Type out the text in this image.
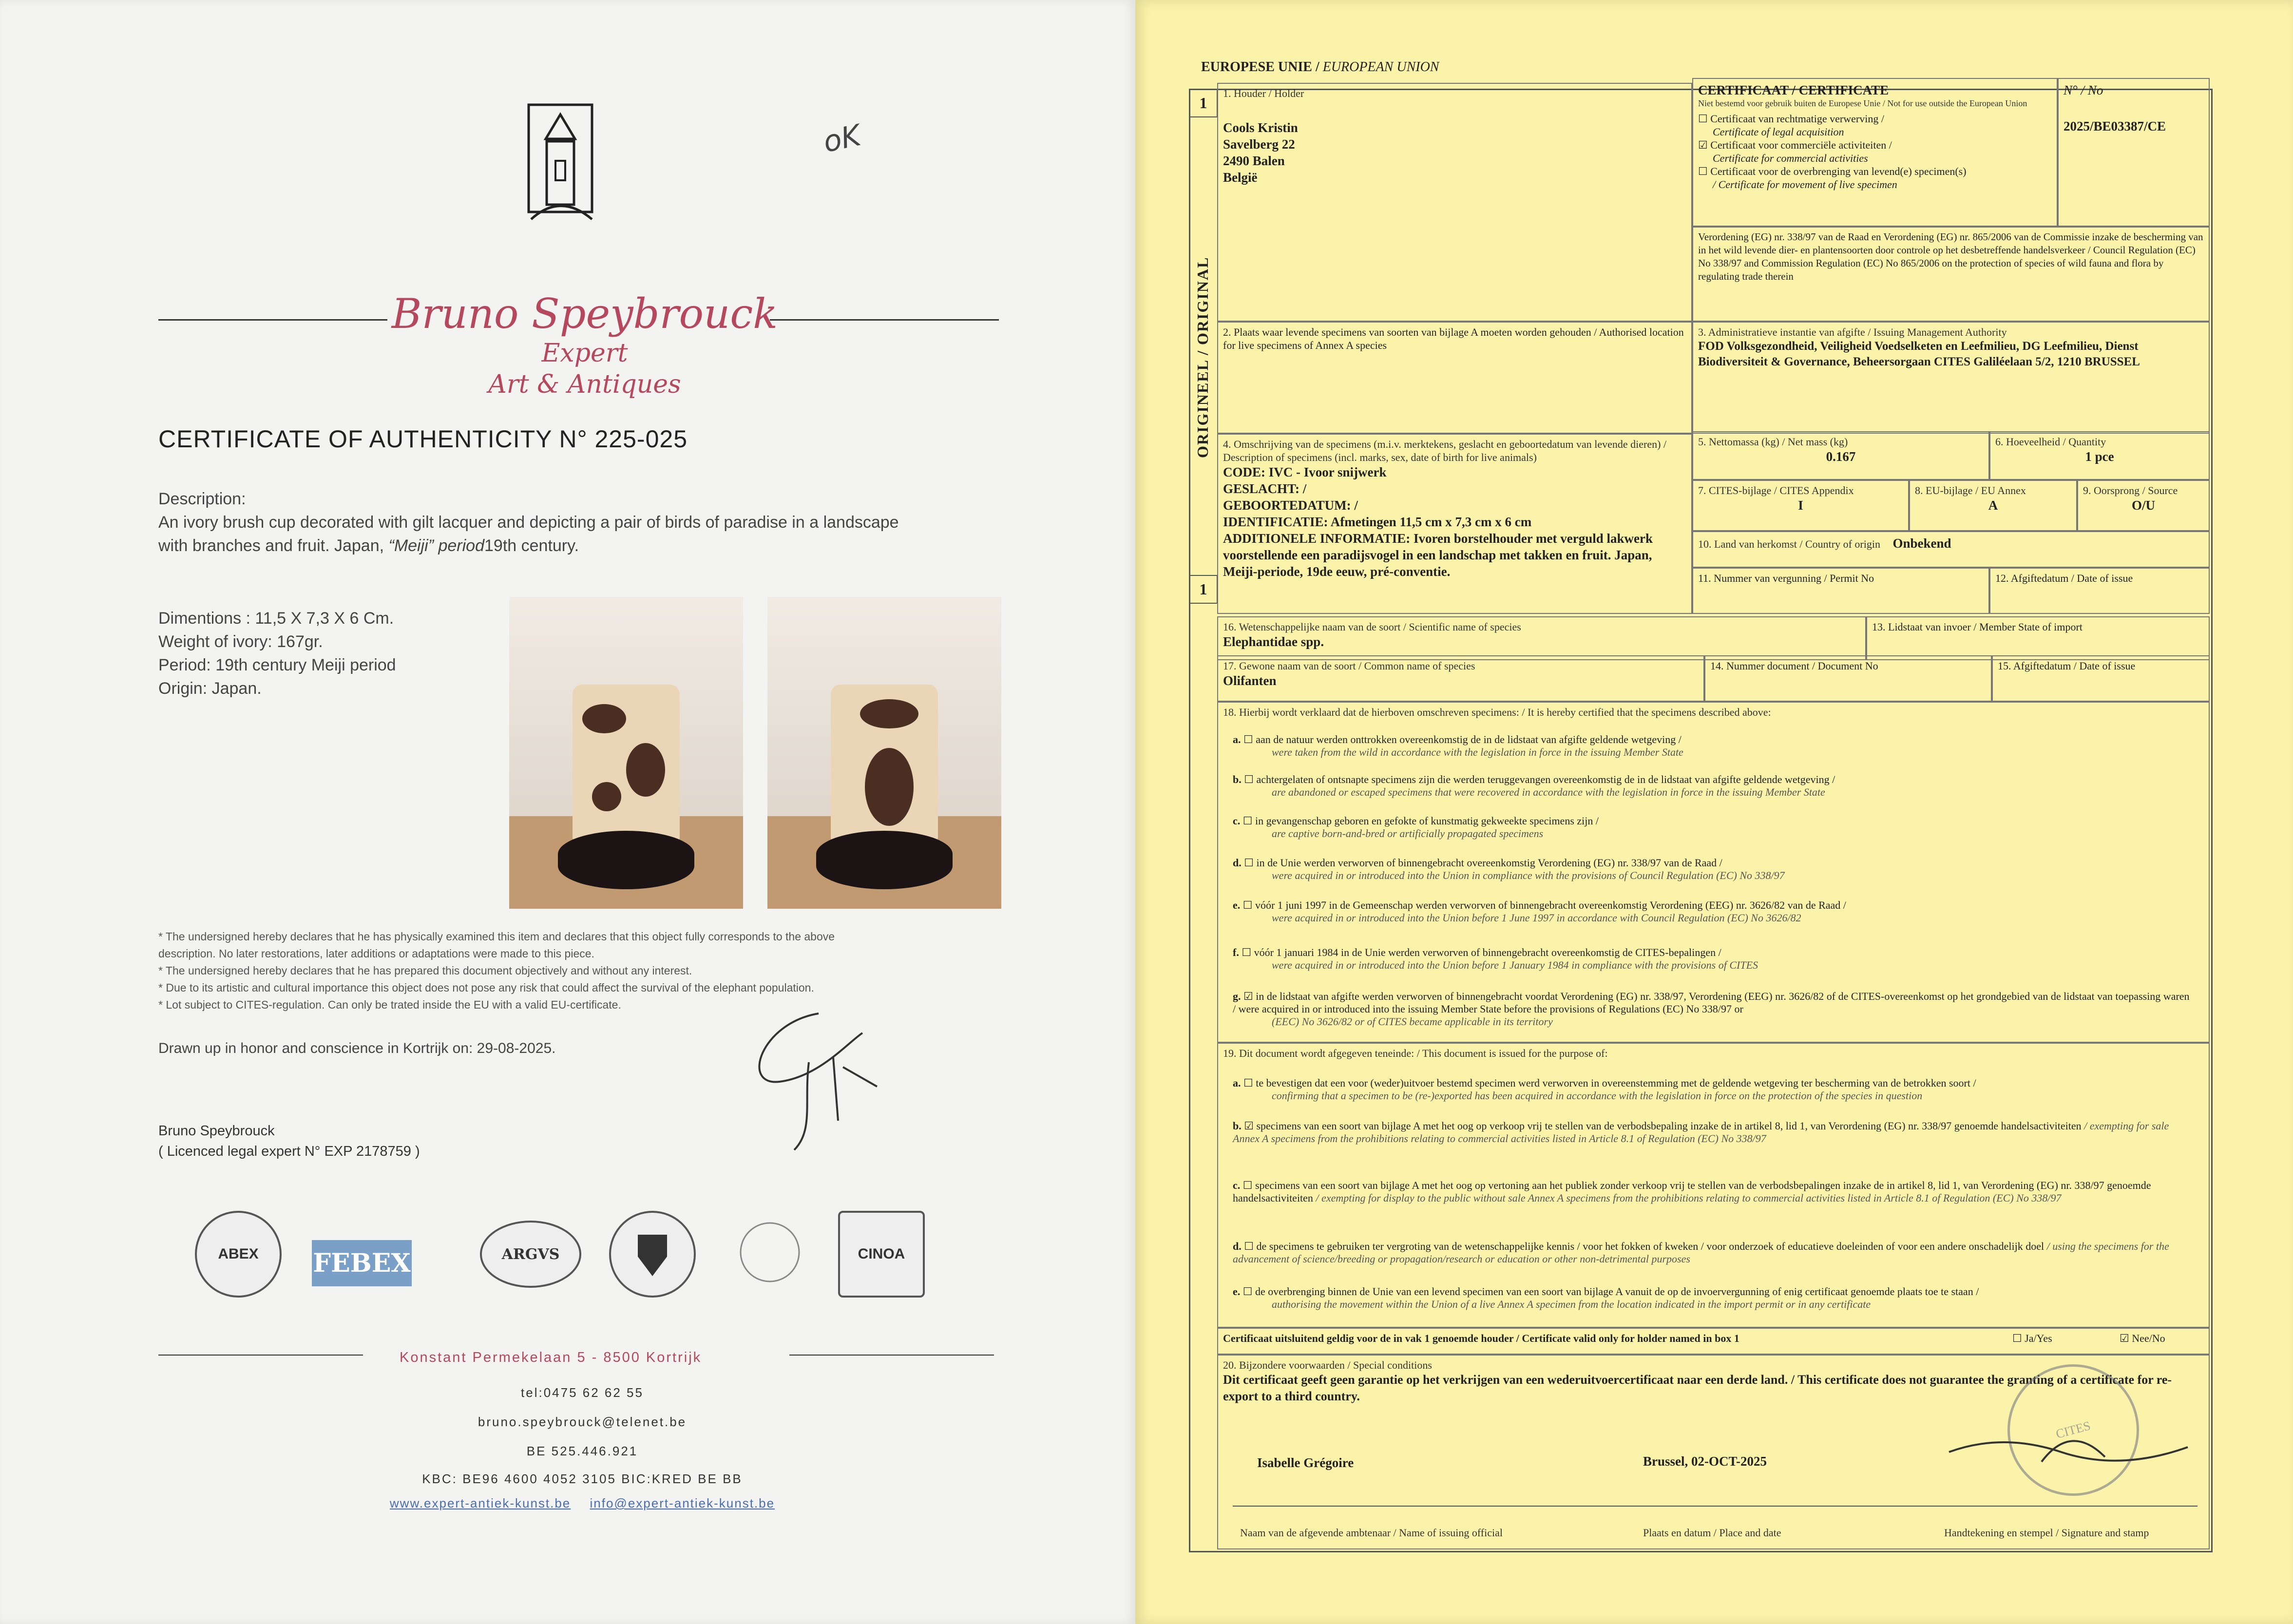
oK
Bruno Speybrouck
Expert
Art & Antiques
CERTIFICATE OF AUTHENTICITY N° 225-025
Description:
An ivory brush cup decorated with gilt lacquer and depicting a pair of birds of paradise in a landscape
with branches and fruit. Japan, “Meiji” period19th century.
Dimentions : 11,5 X 7,3 X 6 Cm.
Weight of ivory: 167gr.
Period: 19th century Meiji period
Origin: Japan.
* The undersigned hereby declares that he has physically examined this item and declares that this object fully corresponds to the above
description. No later restorations, later additions or adaptations were made to this piece.
* The undersigned hereby declares that he has prepared this document objectively and without any interest.
* Due to its artistic and cultural importance this object does not pose any risk that could affect the survival of the elephant population.
* Lot subject to CITES-regulation. Can only be trated inside the EU with a valid EU-certificate.
Drawn up in honor and conscience in Kortrijk on: 29-08-2025.
Bruno Speybrouck
( Licenced legal expert N° EXP 2178759 )
ABEX	FEBEX	ARGVS	CINOA
Konstant Permekelaan 5 - 8500 Kortrijk
tel:0475 62 62 55
bruno.speybrouck@telenet.be
BE 525.446.921
KBC: BE96 4600 4052 3105 BIC:KRED BE BB
www.expert-antiek-kunst.be info@expert-antiek-kunst.be
EUROPESE UNIE / EUROPEAN UNION
1
1
ORIGINEEL / ORIGINAL
1. Houder / Holder
Cools Kristin
Savelberg 22
2490 Balen
België
CERTIFICAAT / CERTIFICATE
Niet bestemd voor gebruik buiten de Europese Unie / Not for use outside the European Union
☐ Certificaat van rechtmatige verwerving /
Certificate of legal acquisition
☑ Certificaat voor commerciële activiteiten /
Certificate for commercial activities
☐ Certificaat voor de overbrenging van levend(e) specimen(s)
/ Certificate for movement of live specimen
N° / No
2025/BE03387/CE
Verordening (EG) nr. 338/97 van de Raad en Verordening (EG) nr. 865/2006 van de Commissie inzake de bescherming van in het wild levende dier- en plantensoorten door controle op het desbetreffende handelsverkeer / Council Regulation (EC) No 338/97 and Commission Regulation (EC) No 865/2006 on the protection of species of wild fauna and flora by regulating trade therein
2. Plaats waar levende specimens van soorten van bijlage A moeten worden gehouden / Authorised location for live specimens of Annex A species
3. Administratieve instantie van afgifte / Issuing Management Authority
FOD Volksgezondheid, Veiligheid Voedselketen en Leefmilieu, DG Leefmilieu, Dienst Biodiversiteit & Governance, Beheersorgaan CITES Galiléelaan 5/2, 1210 BRUSSEL
4. Omschrijving van de specimens (m.i.v. merktekens, geslacht en geboortedatum van levende dieren) / Description of specimens (incl. marks, sex, date of birth for live animals)
CODE: IVC - Ivoor snijwerk
GESLACHT: /
GEBOORTEDATUM: /
IDENTIFICATIE: Afmetingen 11,5 cm x 7,3 cm x 6 cm
ADDITIONELE INFORMATIE: Ivoren borstelhouder met verguld lakwerk voorstellende een paradijsvogel in een landschap met takken en fruit. Japan, Meiji-periode, 19de eeuw, pré-conventie.
5. Nettomassa (kg) / Net mass (kg)
0.167
6. Hoeveelheid / Quantity
1 pce
7. CITES-bijlage / CITES Appendix
I
8. EU-bijlage / EU Annex
A
9. Oorsprong / Source
O/U
10. Land van herkomst / Country of origin Onbekend
11. Nummer van vergunning / Permit No	12. Afgiftedatum / Date of issue
16. Wetenschappelijke naam van de soort / Scientific name of species
Elephantidae spp.
13. Lidstaat van invoer / Member State of import
17. Gewone naam van de soort / Common name of species
Olifanten
14. Nummer document / Document No	15. Afgiftedatum / Date of issue
18. Hierbij wordt verklaard dat de hierboven omschreven specimens: / It is hereby certified that the specimens described above:
a. ☐ aan de natuur werden onttrokken overeenkomstig de in de lidstaat van afgifte geldende wetgeving /
were taken from the wild in accordance with the legislation in force in the issuing Member State
b. ☐ achtergelaten of ontsnapte specimens zijn die werden teruggevangen overeenkomstig de in de lidstaat van afgifte geldende wetgeving /
are abandoned or escaped specimens that were recovered in accordance with the legislation in force in the issuing Member State
c. ☐ in gevangenschap geboren en gefokte of kunstmatig gekweekte specimens zijn /
are captive born-and-bred or artificially propagated specimens
d. ☐ in de Unie werden verworven of binnengebracht overeenkomstig Verordening (EG) nr. 338/97 van de Raad /
were acquired in or introduced into the Union in compliance with the provisions of Council Regulation (EC) No 338/97
e. ☐ vóór 1 juni 1997 in de Gemeenschap werden verworven of binnengebracht overeenkomstig Verordening (EEG) nr. 3626/82 van de Raad /
were acquired in or introduced into the Union before 1 June 1997 in accordance with Council Regulation (EC) No 3626/82
f. ☐ vóór 1 januari 1984 in de Unie werden verworven of binnengebracht overeenkomstig de CITES-bepalingen /
were acquired in or introduced into the Union before 1 January 1984 in compliance with the provisions of CITES
g. ☑ in de lidstaat van afgifte werden verworven of binnengebracht voordat Verordening (EG) nr. 338/97, Verordening (EEG) nr. 3626/82 of de CITES-overeenkomst op het grondgebied van de lidstaat van toepassing waren / were acquired in or introduced into the issuing Member State before the provisions of Regulations (EC) No 338/97 or
(EEC) No 3626/82 or of CITES became applicable in its territory
19. Dit document wordt afgegeven teneinde: / This document is issued for the purpose of:
a. ☐ te bevestigen dat een voor (weder)uitvoer bestemd specimen werd verworven in overeenstemming met de geldende wetgeving ter bescherming van de betrokken soort /
confirming that a specimen to be (re-)exported has been acquired in accordance with the legislation in force on the protection of the species in question
b. ☑ specimens van een soort van bijlage A met het oog op verkoop vrij te stellen van de verbodsbepaling inzake de in artikel 8, lid 1, van Verordening (EG) nr. 338/97 genoemde handelsactiviteiten / exempting for sale Annex A specimens from the prohibitions relating to commercial activities listed in Article 8.1 of Regulation (EC) No 338/97
c. ☐ specimens van een soort van bijlage A met het oog op vertoning aan het publiek zonder verkoop vrij te stellen van de verbodsbepalingen inzake de in artikel 8, lid 1, van Verordening (EG) nr. 338/97 genoemde handelsactiviteiten / exempting for display to the public without sale Annex A specimens from the prohibitions relating to commercial activities listed in Article 8.1 of Regulation (EC) No 338/97
d. ☐ de specimens te gebruiken ter vergroting van de wetenschappelijke kennis / voor het fokken of kweken / voor onderzoek of educatieve doeleinden of voor een andere onschadelijk doel / using the specimens for the advancement of science/breeding or propagation/research or education or other non-detrimental purposes
e. ☐ de overbrenging binnen de Unie van een levend specimen van een soort van bijlage A vanuit de op de invoervergunning of enig certificaat genoemde plaats toe te staan /
authorising the movement within the Union of a live Annex A specimen from the location indicated in the import permit or in any certificate
Certificaat uitsluitend geldig voor de in vak 1 genoemde houder / Certificate valid only for holder named in box 1	☐ Ja/Yes	☑ Nee/No
20. Bijzondere voorwaarden / Special conditions
Dit certificaat geeft geen garantie op het verkrijgen van een wederuitvoercertificaat naar een derde land. / This certificate does not guarantee the granting of a certificate for re-export to a third country.
Isabelle Grégoire	Brussel, 02-OCT-2025
CITES
Naam van de afgevende ambtenaar / Name of issuing official	Plaats en datum / Place and date	Handtekening en stempel / Signature and stamp
